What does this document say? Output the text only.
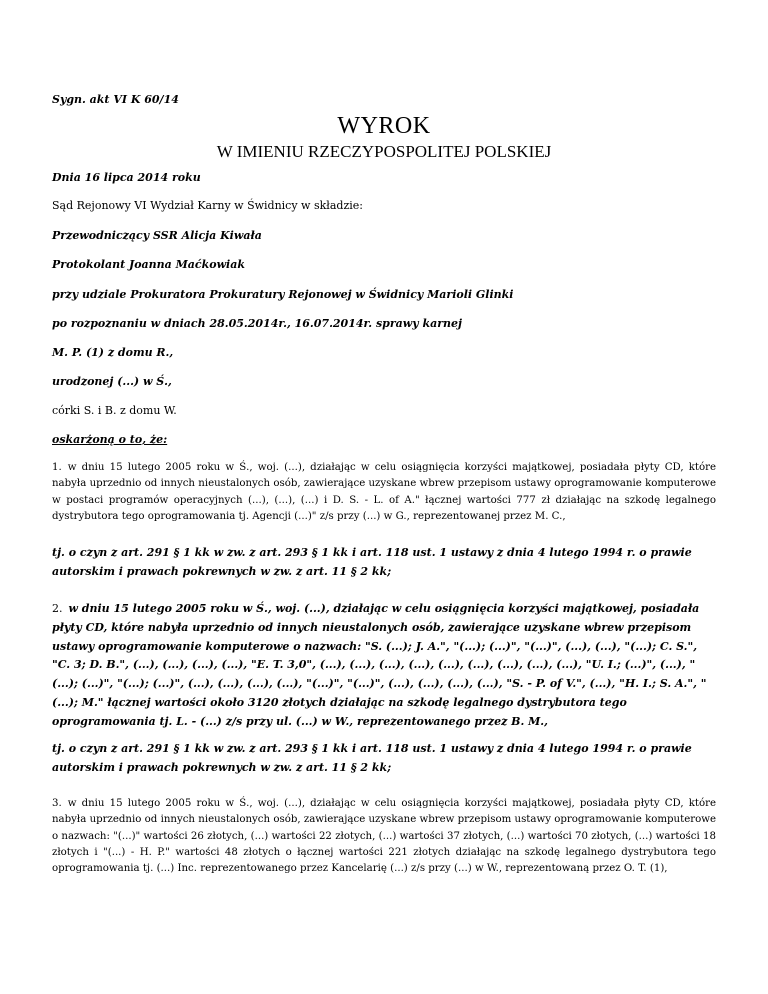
Sygn. akt VI K 60/14
WYROK
W IMIENIU RZECZYPOSPOLITEJ POLSKIEJ
Dnia 16 lipca 2014 roku
Sąd Rejonowy VI Wydział Karny w Świdnicy w składzie:
Przewodniczący SSR Alicja Kiwała
Protokolant Joanna Maćkowiak
przy udziale Prokuratora Prokuratury Rejonowej w Świdnicy Marioli Glinki
po rozpoznaniu w dniach 28.05.2014r., 16.07.2014r. sprawy karnej
M. P. (1) z domu R.,
urodzonej (...) w Ś.,
córki S. i B. z domu W.
oskarżoną o to, że:
1. w dniu 15 lutego 2005 roku w Ś., woj. (...), działając w celu osiągnięcia korzyści majątkowej, posiadała płyty CD, które nabyła uprzednio od innych nieustalonych osób, zawierające uzyskane wbrew przepisom ustawy oprogramowanie komputerowe w postaci programów operacyjnych (...), (...), (...) i D. S. - L. of A." łącznej wartości 777 zł działając na szkodę legalnego dystrybutora tego oprogramowania tj. Agencji (...)" z/s przy (...) w G., reprezentowanej przez M. C.,
tj. o czyn z art. 291 § 1 kk w zw. z art. 293 § 1 kk i art. 118 ust. 1 ustawy z dnia 4 lutego 1994 r. o prawie autorskim i prawach pokrewnych w zw. z art. 11 § 2 kk;
2. w dniu 15 lutego 2005 roku w Ś., woj. (...), działając w celu osiągnięcia korzyści majątkowej, posiadała płyty CD, które nabyła uprzednio od innych nieustalonych osób, zawierające uzyskane wbrew przepisom ustawy oprogramowanie komputerowe o nazwach: "S. (...); J. A.", "(...); (...)", "(...)", (...), (...), "(...); C. S.", "C. 3; D. B.", (...), (...), (...), (...), "E. T. 3,0", (...), (...), (...), (...), (...), (...), (...), (...), (...), "U. I.; (...)", (...), " (...); (...)", "(...); (...)", (...), (...), (...), (...), "(...)", "(...)", (...), (...), (...), (...), "S. - P. of V.", (...), "H. I.; S. A.", " (...); M." łącznej wartości około 3120 złotych działając na szkodę legalnego dystrybutora tego oprogramowania tj. L. - (...) z/s przy ul. (...) w W., reprezentowanego przez B. M.,
tj. o czyn z art. 291 § 1 kk w zw. z art. 293 § 1 kk i art. 118 ust. 1 ustawy z dnia 4 lutego 1994 r. o prawie autorskim i prawach pokrewnych w zw. z art. 11 § 2 kk;
3. w dniu 15 lutego 2005 roku w Ś., woj. (...), działając w celu osiągnięcia korzyści majątkowej, posiadała płyty CD, które nabyła uprzednio od innych nieustalonych osób, zawierające uzyskane wbrew przepisom ustawy oprogramowanie komputerowe o nazwach: "(...)" wartości 26 złotych, (...) wartości 22 złotych, (...) wartości 37 złotych, (...) wartości 70 złotych, (...) wartości 18 złotych i "(...) - H. P." wartości 48 złotych o łącznej wartości 221 złotych działając na szkodę legalnego dystrybutora tego oprogramowania tj. (...) Inc. reprezentowanego przez Kancelarię (...) z/s przy (...) w W., reprezentowaną przez O. T. (1),
